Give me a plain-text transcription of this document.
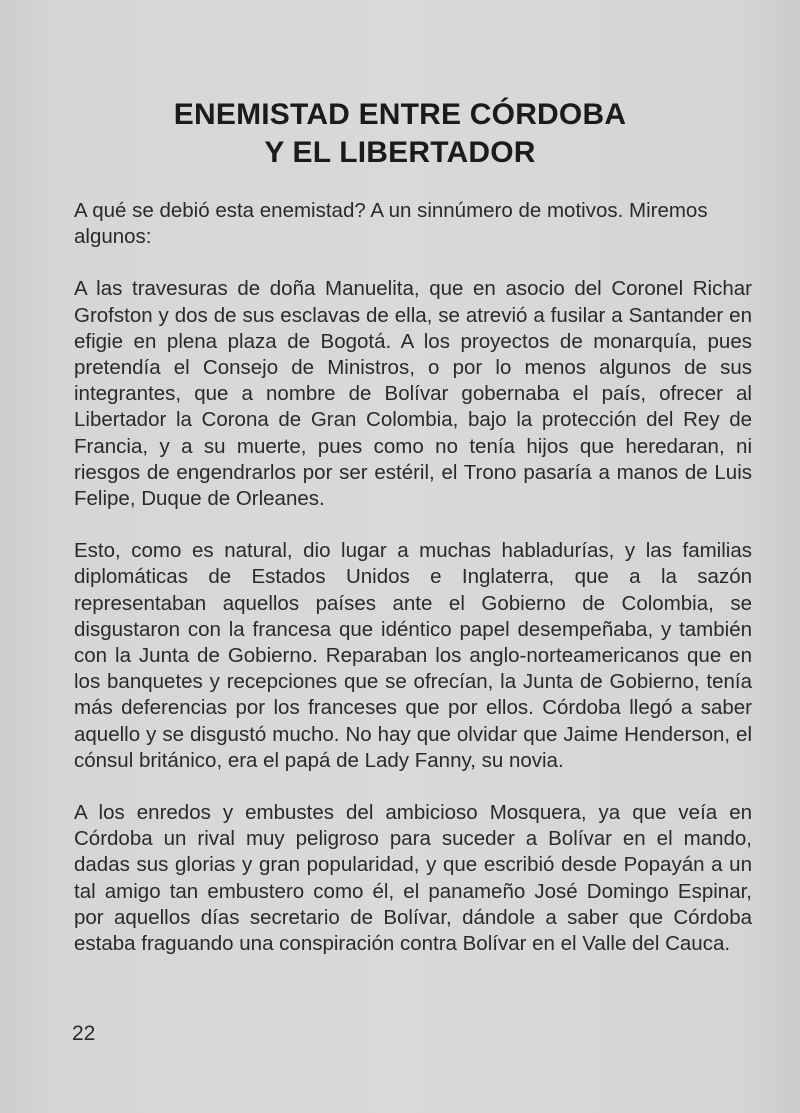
ENEMISTAD ENTRE CÓRDOBA
Y EL LIBERTADOR

A qué se debió esta enemistad? A un sinnúmero de motivos. Miremos algunos:

A las travesuras de doña Manuelita, que en asocio del Coronel Richar Grofston y dos de sus esclavas de ella, se atrevió a fusilar a Santander en efigie en plena plaza de Bogotá. A los proyectos de monarquía, pues pretendía el Consejo de Ministros, o por lo menos algunos de sus integrantes, que a nombre de Bolívar gobernaba el país, ofrecer al Libertador la Corona de Gran Colombia, bajo la protección del Rey de Francia, y a su muerte, pues como no tenía hijos que heredaran, ni riesgos de engendrarlos por ser estéril, el Trono pasaría a manos de Luis Felipe, Duque de Orleanes.

Esto, como es natural, dio lugar a muchas habladurías, y las familias diplomáticas de Estados Unidos e Inglaterra, que a la sazón representaban aquellos países ante el Gobierno de Colombia, se disgustaron con la francesa que idéntico papel desempeñaba, y también con la Junta de Gobierno. Reparaban los anglo-norteamericanos que en los banquetes y recepciones que se ofrecían, la Junta de Gobierno, tenía más deferencias por los franceses que por ellos. Córdoba llegó a saber aquello y se disgustó mucho. No hay que olvidar que Jaime Henderson, el cónsul británico, era el papá de Lady Fanny, su novia.

A los enredos y embustes del ambicioso Mosquera, ya que veía en Córdoba un rival muy peligroso para suceder a Bolívar en el mando, dadas sus glorias y gran popularidad, y que escribió desde Popayán a un tal amigo tan embustero como él, el panameño José Domingo Espinar, por aquellos días secretario de Bolívar, dándole a saber que Córdoba estaba fraguando una conspiración contra Bolívar en el Valle del Cauca.

22
